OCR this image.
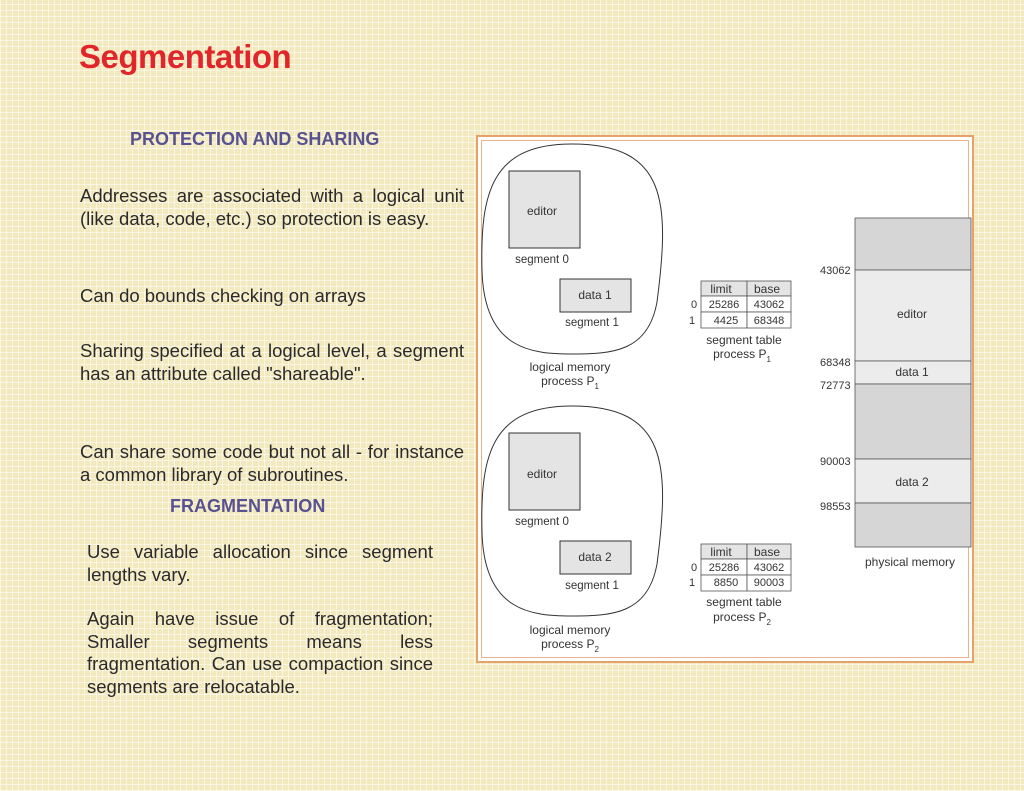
Segmentation
PROTECTION AND SHARING
Addresses are associated with a logical unit (like data, code, etc.) so protection is easy.
Can do bounds checking on arrays
Sharing specified at a logical level, a segment has an attribute called "shareable".
Can share some code but not all - for instance a common library of subroutines.
FRAGMENTATION
Use variable allocation since segment lengths vary.
Again have issue of fragmentation; Smaller segments means less fragmentation. Can use compaction since segments are relocatable.
editor
segment 0
data 1
segment 1
logical memory
process $P_1$
editor
segment 0
data 2
segment 1
logical memory
process $P_2$
limit base
0 25286 43062
1 4425 68348
segment table
process $P_1$
limit base
0 25286 43062
1 8850 90003
segment table
process $P_2$
editor
data 1
data 2
43062
68348
72773
90003
98553
physical memory
